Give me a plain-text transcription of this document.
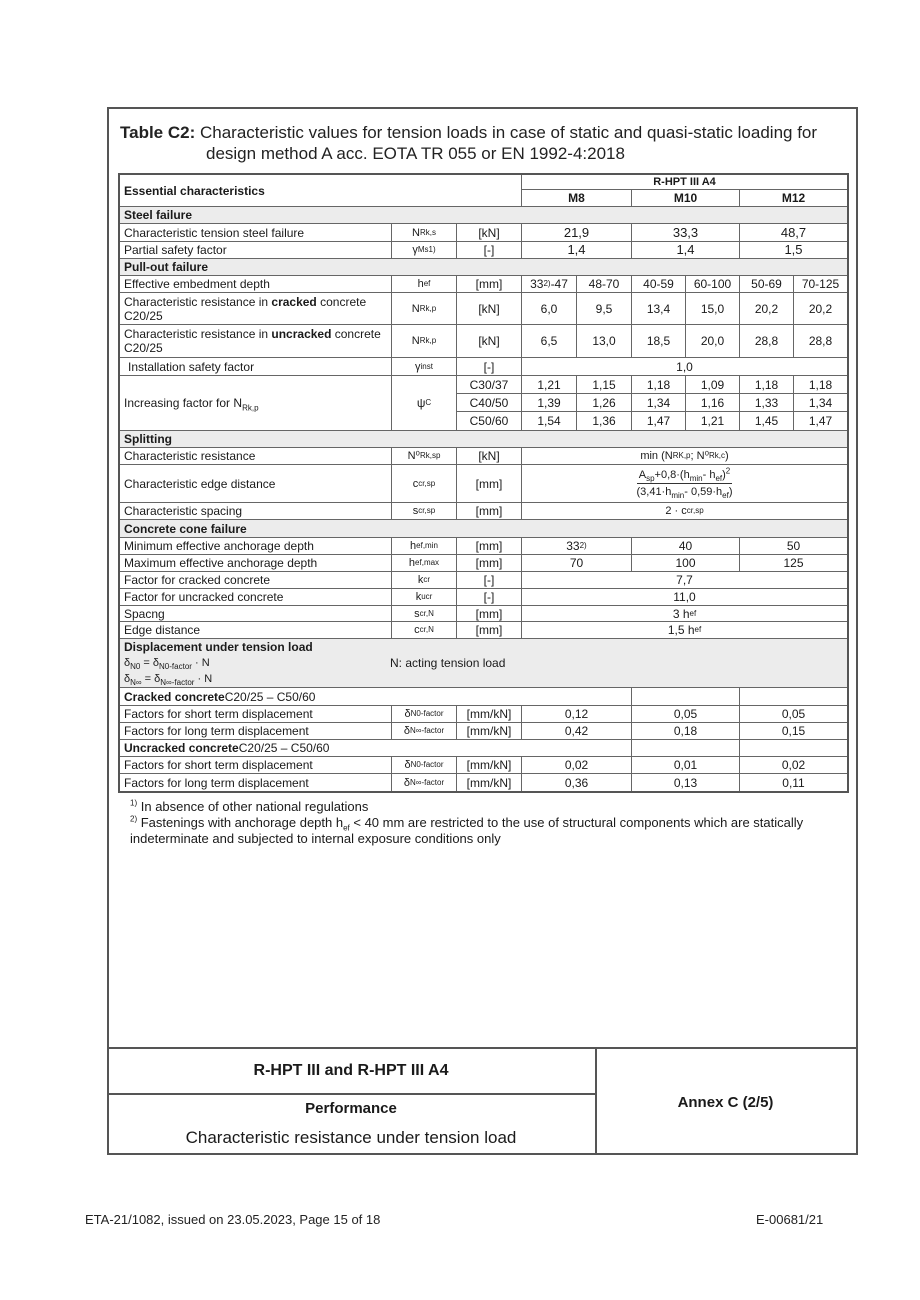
Table C2: Characteristic values for tension loads in case of static and quasi-static loading for
design method A acc. EOTA TR 055 or EN 1992-4:2018
Essential characteristics
R-HPT III A4
M8	M10	M12
Steel failure
Characteristic tension steel failure	N Rk,s	[kN]	21,9	33,3	48,7
Partial safety factor	γ Ms 1)	[-]	1,4	1,4	1,5
Pull-out failure
Effective embedment depth	h ef	[mm]	33 2) -47	48-70	40-59	60-100	50-69	70-125
Characteristic resistance in cracked concrete C20/25	N Rk,p	[kN]	6,0	9,5	13,4	15,0	20,2	20,2
Characteristic resistance in uncracked concrete C20/25	N Rk,p	[kN]	6,5	13,0	18,5	20,0	28,8	28,8
Installation safety factor	γ inst	[-]	1,0
Increasing factor for $N_{Rk,p}$	ψ C
C30/37	1,21	1,15	1,18	1,09	1,18	1,18
C40/50	1,39	1,26	1,34	1,16	1,33	1,34
C50/60	1,54	1,36	1,47	1,21	1,45	1,47
Splitting
Characteristic resistance	N⁰ Rk,sp	[kN]	min (N RK,p ; N⁰ Rk,c )
Characteristic edge distance	c cr,sp	[mm]	$\frac{A_{sp}+0,8\cdot(h_{min}- h_{ef})^2}{(3,41\cdot h_{min}- 0,59\cdot h_{ef})}$
Characteristic spacing	s cr,sp	[mm]	2 · c cr,sp
Concrete cone failure
Minimum effective anchorage depth	h ef,min	[mm]	33 2)	40	50
Maximum effective anchorage depth	h ef,max	[mm]	70	100	125
Factor for cracked concrete	k cr	[-]	7,7
Factor for uncracked concrete	k ucr	[-]	11,0
Spacng	s cr,N	[mm]	3 h ef
Edge distance	c cr,N	[mm]	1,5 h ef
Displacement under tension load
$\delta_{N0} = \delta_{N0-factor} \cdot N$	N: acting tension load
$\delta_{N\infty} = \delta_{N\infty-factor} \cdot N$
Cracked concrete C20/25 – C50/60
Factors for short term displacement	δ N0-factor	[mm/kN]	0,12	0,05	0,05
Factors for long term displacement	δ N∞-factor	[mm/kN]	0,42	0,18	0,15
Uncracked concrete C20/25 – C50/60
Factors for short term displacement	δ N0-factor	[mm/kN]	0,02	0,01	0,02
Factors for long term displacement	δ N∞-factor	[mm/kN]	0,36	0,13	0,11
$^{1)}$ In absence of other national regulations
$^{2)}$ Fastenings with anchorage depth $h_{ef} < 40$ mm are restricted to the use of structural components which are statically indeterminate and subjected to internal exposure conditions only
R-HPT III and R-HPT III A4
Performance
Characteristic resistance under tension load
Annex C (2/5)
ETA-21/1082, issued on 23.05.2023, Page 15 of 18	E-00681/21
